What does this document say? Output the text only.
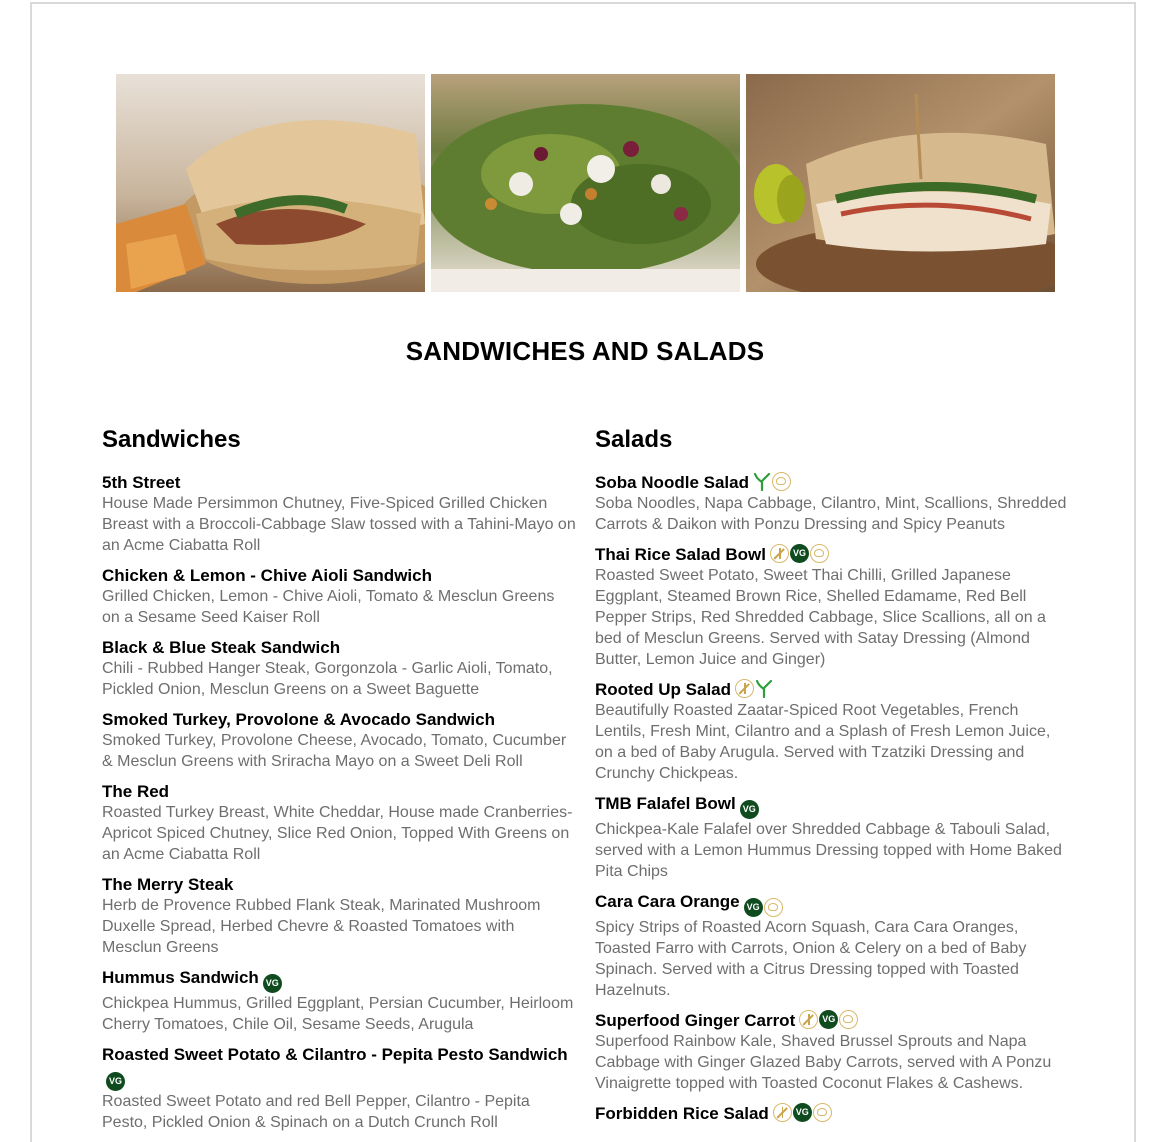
SANDWICHES AND SALADS
Sandwiches
5th Street
House Made Persimmon Chutney, Five-Spiced Grilled Chicken Breast with a Broccoli-Cabbage Slaw tossed with a Tahini-Mayo on an Acme Ciabatta Roll
Chicken & Lemon - Chive Aioli Sandwich
Grilled Chicken, Lemon - Chive Aioli, Tomato & Mesclun Greens on a Sesame Seed Kaiser Roll
Black & Blue Steak Sandwich
Chili - Rubbed Hanger Steak, Gorgonzola - Garlic Aioli, Tomato, Pickled Onion, Mesclun Greens on a Sweet Baguette
Smoked Turkey, Provolone & Avocado Sandwich
Smoked Turkey, Provolone Cheese, Avocado, Tomato, Cucumber & Mesclun Greens with Sriracha Mayo on a Sweet Deli Roll
The Red
Roasted Turkey Breast, White Cheddar, House made Cranberries-Apricot Spiced Chutney, Slice Red Onion, Topped With Greens on an Acme Ciabatta Roll
The Merry Steak
Herb de Provence Rubbed Flank Steak, Marinated Mushroom Duxelle Spread, Herbed Chevre & Roasted Tomatoes with Mesclun Greens
Hummus Sandwich VG
Chickpea Hummus, Grilled Eggplant, Persian Cucumber, Heirloom Cherry Tomatoes, Chile Oil, Sesame Seeds, Arugula
Roasted Sweet Potato & Cilantro - Pepita Pesto Sandwich
VG
Roasted Sweet Potato and red Bell Pepper, Cilantro - Pepita Pesto, Pickled Onion & Spinach on a Dutch Crunch Roll
Salads
Soba Noodle Salad
Soba Noodles, Napa Cabbage, Cilantro, Mint, Scallions, Shredded Carrots & Daikon with Ponzu Dressing and Spicy Peanuts
Thai Rice Salad Bowl	VG
Roasted Sweet Potato, Sweet Thai Chilli, Grilled Japanese Eggplant, Steamed Brown Rice, Shelled Edamame, Red Bell Pepper Strips, Red Shredded Cabbage, Slice Scallions, all on a bed of Mesclun Greens. Served with Satay Dressing (Almond Butter, Lemon Juice and Ginger)
Rooted Up Salad
Beautifully Roasted Zaatar-Spiced Root Vegetables, French Lentils, Fresh Mint, Cilantro and a Splash of Fresh Lemon Juice, on a bed of Baby Arugula. Served with Tzatziki Dressing and Crunchy Chickpeas.
TMB Falafel Bowl VG
Chickpea-Kale Falafel over Shredded Cabbage & Tabouli Salad, served with a Lemon Hummus Dressing topped with Home Baked Pita Chips
Cara Cara Orange VG
Spicy Strips of Roasted Acorn Squash, Cara Cara Oranges, Toasted Farro with Carrots, Onion & Celery on a bed of Baby Spinach. Served with a Citrus Dressing topped with Toasted Hazelnuts.
Superfood Ginger Carrot	VG
Superfood Rainbow Kale, Shaved Brussel Sprouts and Napa Cabbage with Ginger Glazed Baby Carrots, served with A Ponzu Vinaigrette topped with Toasted Coconut Flakes & Cashews.
Forbidden Rice Salad	VG
